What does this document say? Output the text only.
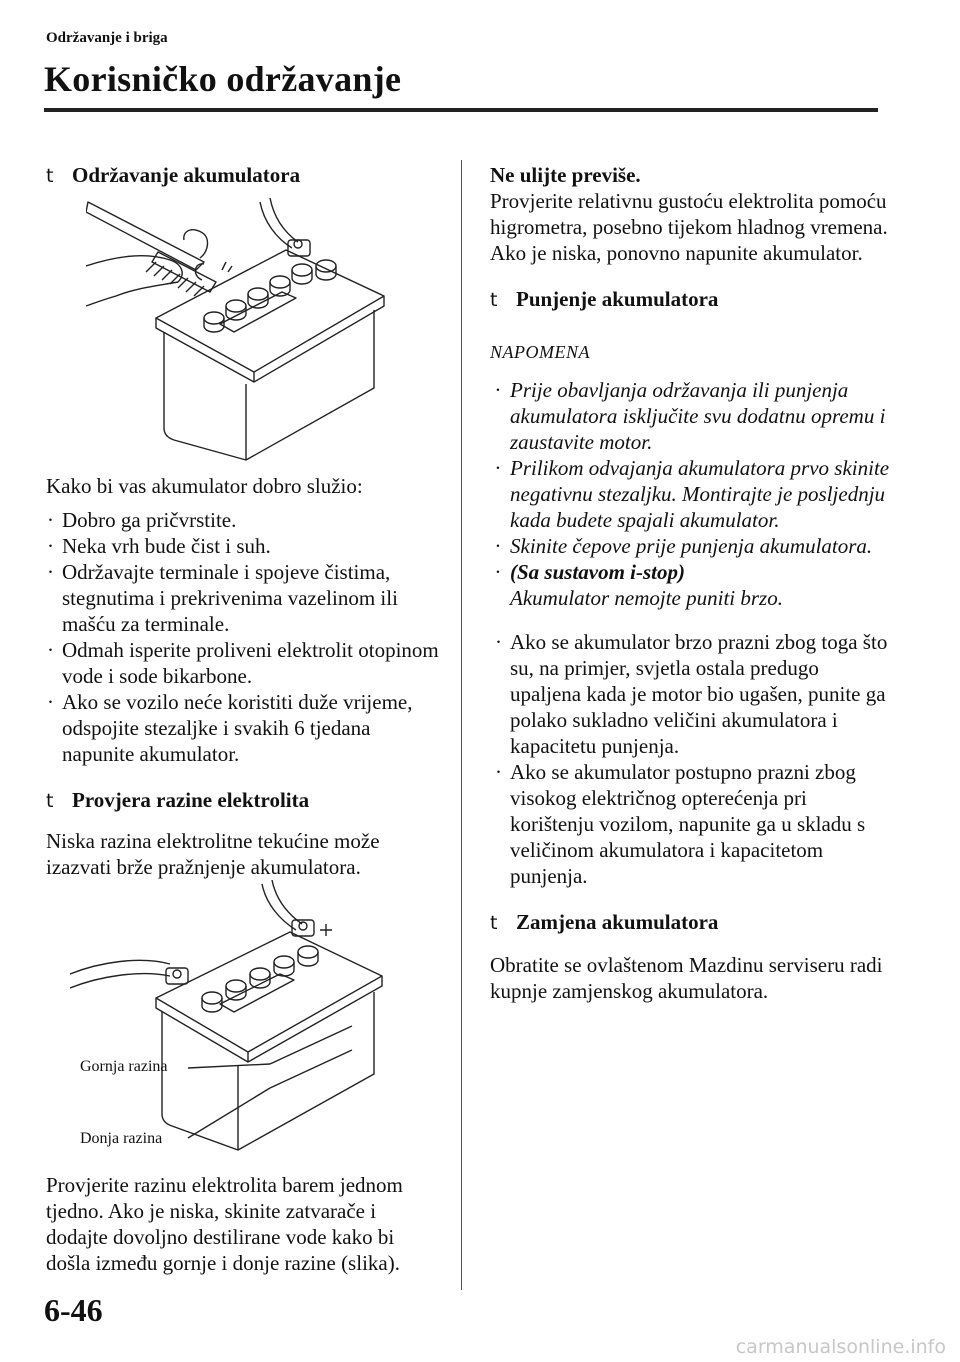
Održavanje i briga
Korisničko održavanje
t Održavanje akumulatora

Kako bi vas akumulator dobro služio:

· Dobro ga pričvrstite.
· Neka vrh bude čist i suh.
· Održavajte terminale i spojeve čistima, stegnutima i prekrivenima vazelinom ili mašću za terminale.
· Odmah isperite proliveni elektrolit otopinom vode i sode bikarbone.
· Ako se vozilo neće koristiti duže vrijeme, odspojite stezaljke i svakih 6 tjedana napunite akumulator.
t Provjera razine elektrolita

Niska razina elektrolitne tekućine može izazvati brže pražnjenje akumulatora.

Provjerite razinu elektrolita barem jednom tjedno. Ako je niska, skinite zatvarače i dodajte dovoljno destilirane vode kako bi došla između gornje i donje razine (slika).

Gornja razina
Donja razina
Ne ulijte previše.

Provjerite relativnu gustoću elektrolita pomoću higrometra, posebno tijekom hladnog vremena. Ako je niska, ponovno napunite akumulator.

t Punjenje akumulatora
NAPOMENA
· Prije obavljanja održavanja ili punjenja akumulatora isključite svu dodatnu opremu i zaustavite motor.
· Prilikom odvajanja akumulatora prvo skinite negativnu stezaljku. Montirajte je posljednju kada budete spajali akumulator.
· Skinite čepove prije punjenja akumulatora.
· (Sa sustavom i-stop)
Akumulator nemojte puniti brzo.
· Ako se akumulator brzo prazni zbog toga što su, na primjer, svjetla ostala predugo upaljena kada je motor bio ugašen, punite ga polako sukladno veličini akumulatora i kapacitetu punjenja.
· Ako se akumulator postupno prazni zbog visokog električnog opterećenja pri korištenju vozilom, napunite ga u skladu s veličinom akumulatora i kapacitetom punjenja.
t Zamjena akumulatora

Obratite se ovlaštenom Mazdinu serviseru radi kupnje zamjenskog akumulatora.

6-46
carmanualsonline.info
